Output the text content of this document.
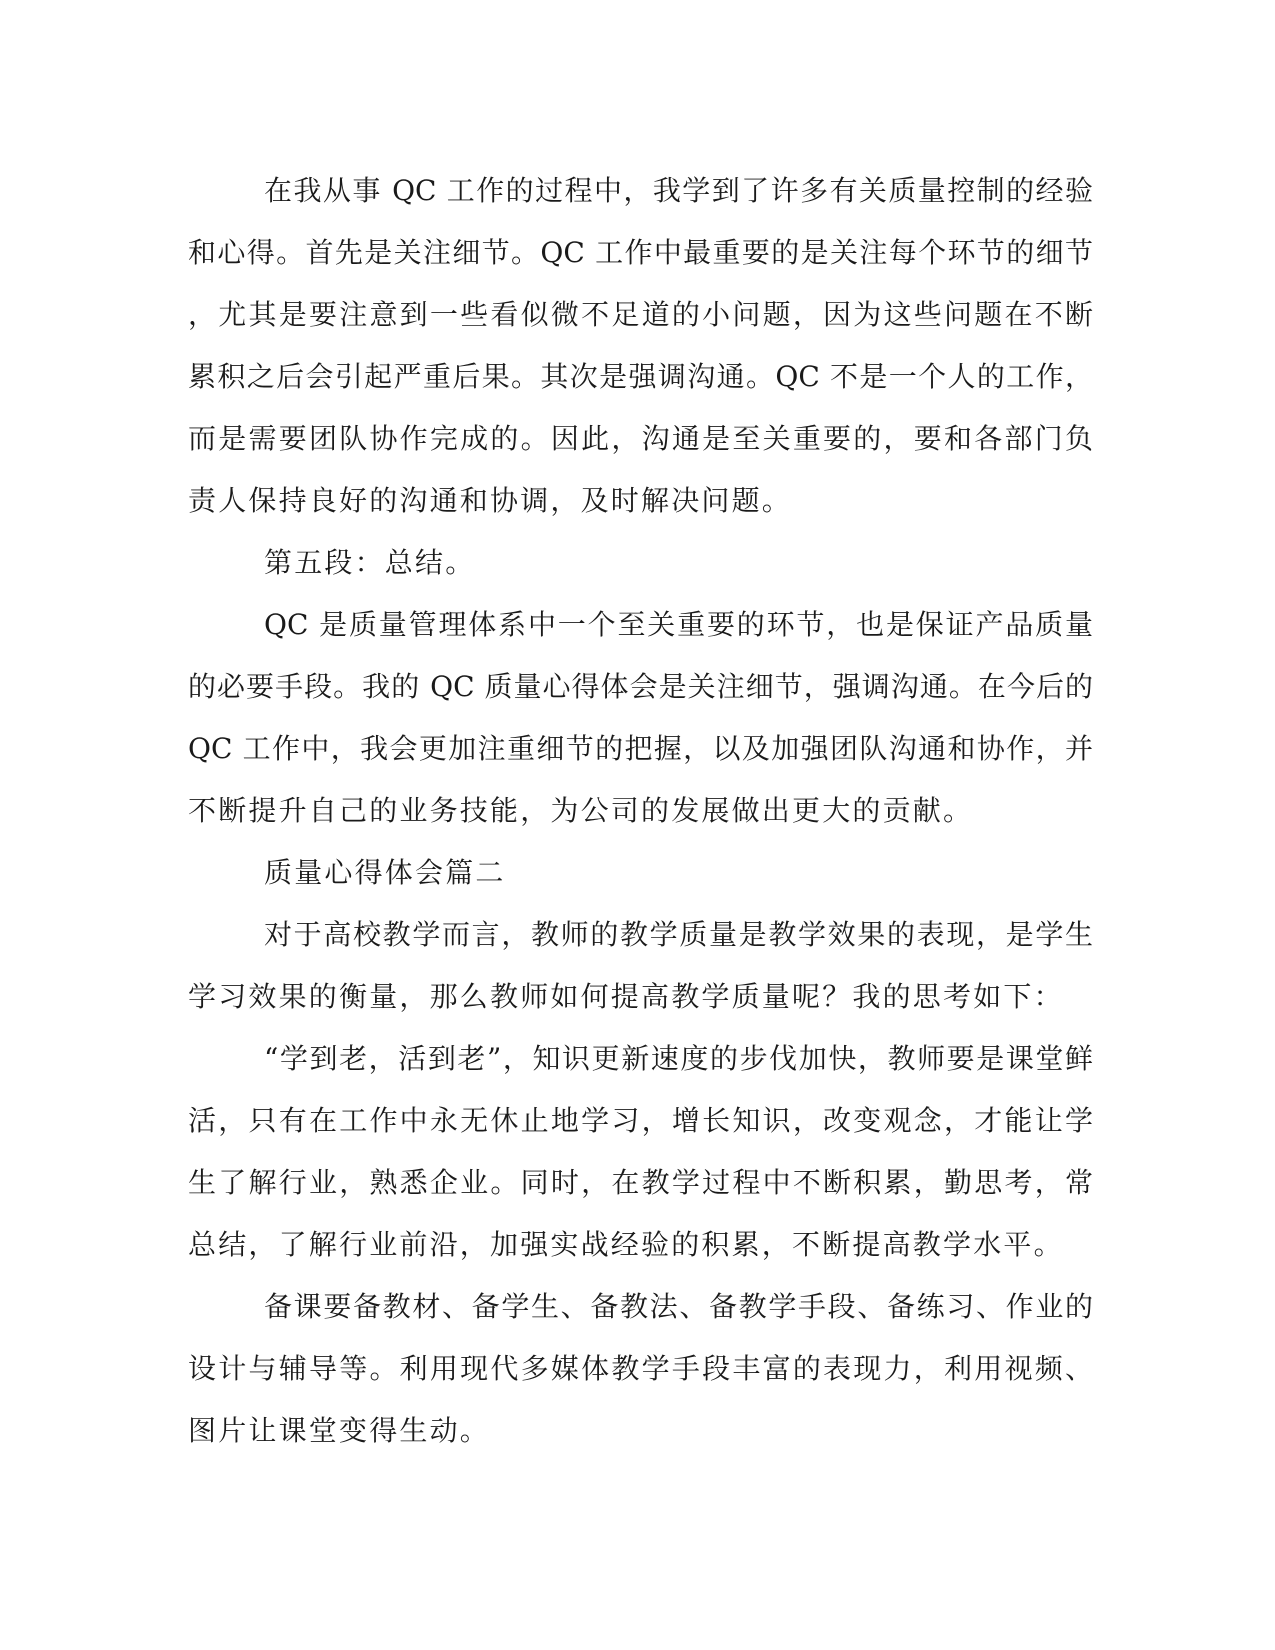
在我从事 QC 工作的过程中，我学到了许多有关质量控制的经验
和心得。首先是关注细节。QC 工作中最重要的是关注每个环节的细节
，尤其是要注意到一些看似微不足道的小问题，因为这些问题在不断
累积之后会引起严重后果。其次是强调沟通。QC 不是一个人的工作，
而是需要团队协作完成的。因此，沟通是至关重要的，要和各部门负
责人保持良好的沟通和协调，及时解决问题。
第五段：总结。
QC 是质量管理体系中一个至关重要的环节，也是保证产品质量
的必要手段。我的 QC 质量心得体会是关注细节，强调沟通。在今后的
QC 工作中，我会更加注重细节的把握，以及加强团队沟通和协作，并
不断提升自己的业务技能，为公司的发展做出更大的贡献。
质量心得体会篇二
对于高校教学而言，教师的教学质量是教学效果的表现，是学生
学习效果的衡量，那么教师如何提高教学质量呢？我的思考如下：
“学到老，活到老”，知识更新速度的步伐加快，教师要是课堂鲜
活，只有在工作中永无休止地学习，增长知识，改变观念，才能让学
生了解行业，熟悉企业。同时，在教学过程中不断积累，勤思考，常
总结，了解行业前沿，加强实战经验的积累，不断提高教学水平。
备课要备教材、备学生、备教法、备教学手段、备练习、作业的
设计与辅导等。利用现代多媒体教学手段丰富的表现力，利用视频、
图片让课堂变得生动。
